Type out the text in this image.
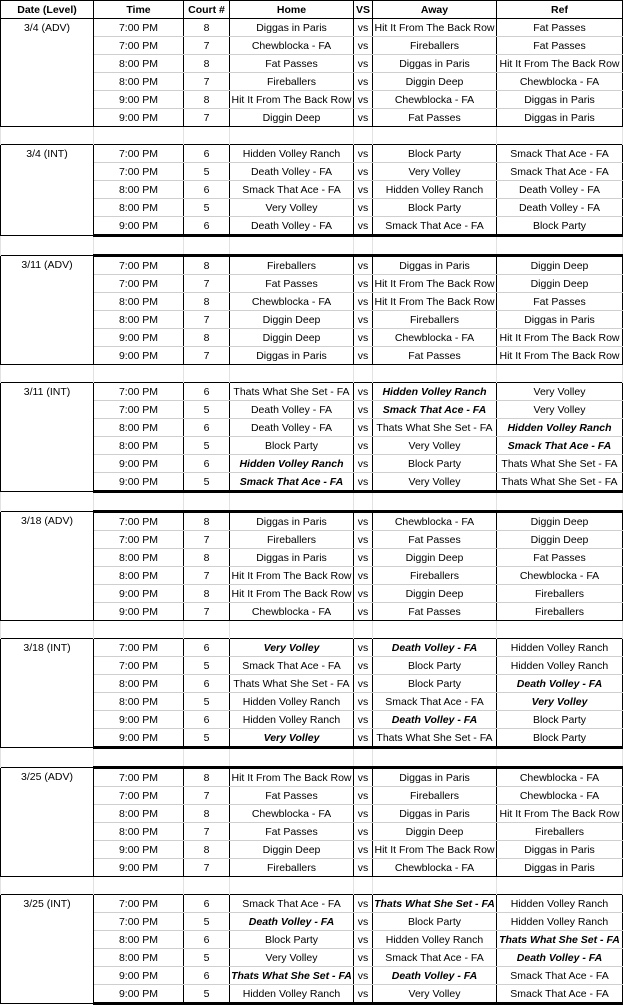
Date (Level)	Time	Court #	Home	VS	Away	Ref
3/4 (ADV)	7:00 PM	8	Diggas in Paris	vs	Hit It From The Back Row	Fat Passes
	7:00 PM	7	Chewblocka - FA	vs	Fireballers	Fat Passes
	8:00 PM	8	Fat Passes	vs	Diggas in Paris	Hit It From The Back Row
	8:00 PM	7	Fireballers	vs	Diggin Deep	Chewblocka - FA
	9:00 PM	8	Hit It From The Back Row	vs	Chewblocka - FA	Diggas in Paris
	9:00 PM	7	Diggin Deep	vs	Fat Passes	Diggas in Paris

3/4 (INT)	7:00 PM	6	Hidden Volley Ranch	vs	Block Party	Smack That Ace - FA
	7:00 PM	5	Death Volley - FA	vs	Very Volley	Smack That Ace - FA
	8:00 PM	6	Smack That Ace - FA	vs	Hidden Volley Ranch	Death Volley - FA
	8:00 PM	5	Very Volley	vs	Block Party	Death Volley - FA
	9:00 PM	6	Death Volley - FA	vs	Smack That Ace - FA	Block Party

3/11 (ADV)	7:00 PM	8	Fireballers	vs	Diggas in Paris	Diggin Deep
	7:00 PM	7	Fat Passes	vs	Hit It From The Back Row	Diggin Deep
	8:00 PM	8	Chewblocka - FA	vs	Hit It From The Back Row	Fat Passes
	8:00 PM	7	Diggin Deep	vs	Fireballers	Diggas in Paris
	9:00 PM	8	Diggin Deep	vs	Chewblocka - FA	Hit It From The Back Row
	9:00 PM	7	Diggas in Paris	vs	Fat Passes	Hit It From The Back Row

3/11 (INT)	7:00 PM	6	Thats What She Set - FA	vs	Hidden Volley Ranch	Very Volley
	7:00 PM	5	Death Volley - FA	vs	Smack That Ace - FA	Very Volley
	8:00 PM	6	Death Volley - FA	vs	Thats What She Set - FA	Hidden Volley Ranch
	8:00 PM	5	Block Party	vs	Very Volley	Smack That Ace - FA
	9:00 PM	6	Hidden Volley Ranch	vs	Block Party	Thats What She Set - FA
	9:00 PM	5	Smack That Ace - FA	vs	Very Volley	Thats What She Set - FA

3/18 (ADV)	7:00 PM	8	Diggas in Paris	vs	Chewblocka - FA	Diggin Deep
	7:00 PM	7	Fireballers	vs	Fat Passes	Diggin Deep
	8:00 PM	8	Diggas in Paris	vs	Diggin Deep	Fat Passes
	8:00 PM	7	Hit It From The Back Row	vs	Fireballers	Chewblocka - FA
	9:00 PM	8	Hit It From The Back Row	vs	Diggin Deep	Fireballers
	9:00 PM	7	Chewblocka - FA	vs	Fat Passes	Fireballers

3/18 (INT)	7:00 PM	6	Very Volley	vs	Death Volley - FA	Hidden Volley Ranch
	7:00 PM	5	Smack That Ace - FA	vs	Block Party	Hidden Volley Ranch
	8:00 PM	6	Thats What She Set - FA	vs	Block Party	Death Volley - FA
	8:00 PM	5	Hidden Volley Ranch	vs	Smack That Ace - FA	Very Volley
	9:00 PM	6	Hidden Volley Ranch	vs	Death Volley - FA	Block Party
	9:00 PM	5	Very Volley	vs	Thats What She Set - FA	Block Party

3/25 (ADV)	7:00 PM	8	Hit It From The Back Row	vs	Diggas in Paris	Chewblocka - FA
	7:00 PM	7	Fat Passes	vs	Fireballers	Chewblocka - FA
	8:00 PM	8	Chewblocka - FA	vs	Diggas in Paris	Hit It From The Back Row
	8:00 PM	7	Fat Passes	vs	Diggin Deep	Fireballers
	9:00 PM	8	Diggin Deep	vs	Hit It From The Back Row	Diggas in Paris
	9:00 PM	7	Fireballers	vs	Chewblocka - FA	Diggas in Paris

3/25 (INT)	7:00 PM	6	Smack That Ace - FA	vs	Thats What She Set - FA	Hidden Volley Ranch
	7:00 PM	5	Death Volley - FA	vs	Block Party	Hidden Volley Ranch
	8:00 PM	6	Block Party	vs	Hidden Volley Ranch	Thats What She Set - FA
	8:00 PM	5	Very Volley	vs	Smack That Ace - FA	Death Volley - FA
	9:00 PM	6	Thats What She Set - FA	vs	Death Volley - FA	Smack That Ace - FA
	9:00 PM	5	Hidden Volley Ranch	vs	Very Volley	Smack That Ace - FA
